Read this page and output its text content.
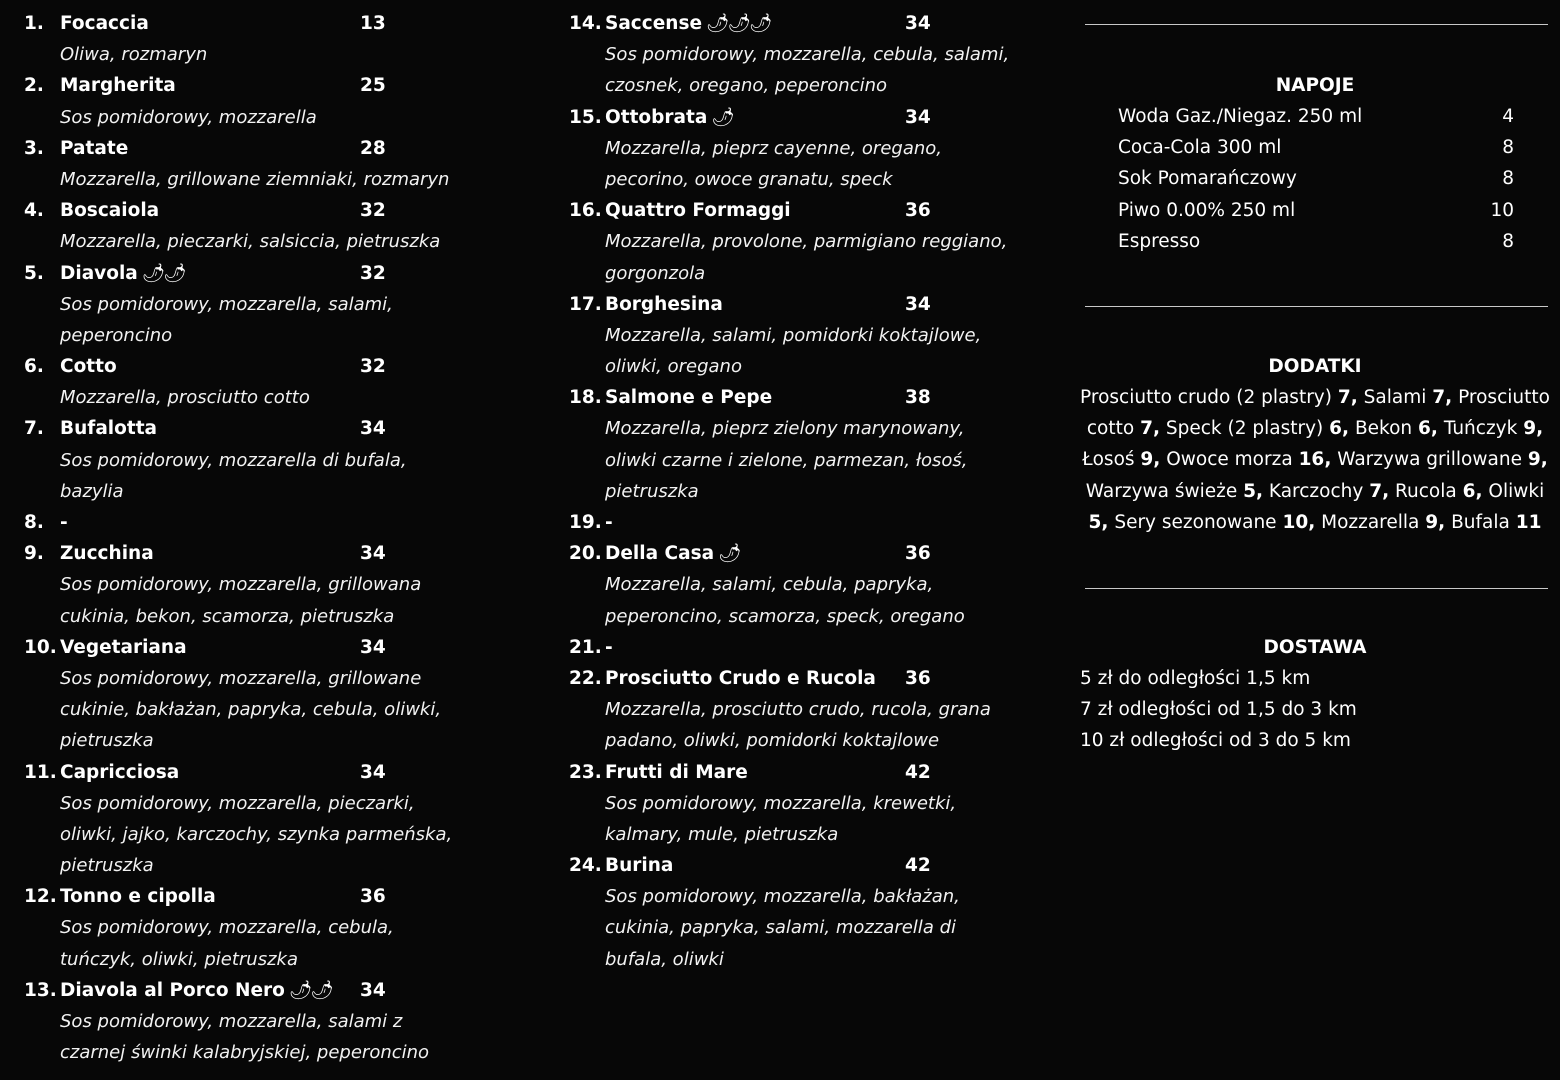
1. Focaccia	13
Oliwa, rozmaryn
2. Margherita	25
Sos pomidorowy, mozzarella
3. Patate	28
Mozzarella, grillowane ziemniaki, rozmaryn
4. Boscaiola	32
Mozzarella, pieczarki, salsiccia, pietruszka
5. Diavola 🌶🌶	32
Sos pomidorowy, mozzarella, salami,
peperoncino
6. Cotto	32
Mozzarella, prosciutto cotto
7. Bufalotta	34
Sos pomidorowy, mozzarella di bufala,
bazylia
8. -
9. Zucchina	34
Sos pomidorowy, mozzarella, grillowana
cukinia, bekon, scamorza, pietruszka
10. Vegetariana	34
Sos pomidorowy, mozzarella, grillowane
cukinie, bakłażan, papryka, cebula, oliwki,
pietruszka
11. Capricciosa	34
Sos pomidorowy, mozzarella, pieczarki,
oliwki, jajko, karczochy, szynka parmeńska,
pietruszka
12. Tonno e cipolla	36
Sos pomidorowy, mozzarella, cebula,
tuńczyk, oliwki, pietruszka
13. Diavola al Porco Nero 🌶🌶 34
Sos pomidorowy, mozzarella, salami z
czarnej świnki kalabryjskiej, peperoncino
14. Saccense 🌶🌶🌶	34
Sos pomidorowy, mozzarella, cebula, salami,
czosnek, oregano, peperoncino
15. Ottobrata 🌶	34
Mozzarella, pieprz cayenne, oregano,
pecorino, owoce granatu, speck
16. Quattro Formaggi	36
Mozzarella, provolone, parmigiano reggiano,
gorgonzola
17. Borghesina	34
Mozzarella, salami, pomidorki koktajlowe,
oliwki, oregano
18. Salmone e Pepe	38
Mozzarella, pieprz zielony marynowany,
oliwki czarne i zielone, parmezan, łosoś,
pietruszka
19. -
20. Della Casa 🌶	36
Mozzarella, salami, cebula, papryka,
peperoncino, scamorza, speck, oregano
21. -
22. Prosciutto Crudo e Rucola 36
Mozzarella, prosciutto crudo, rucola, grana
padano, oliwki, pomidorki koktajlowe
23. Frutti di Mare	42
Sos pomidorowy, mozzarella, krewetki,
kalmary, mule, pietruszka
24. Burina	42
Sos pomidorowy, mozzarella, bakłażan,
cukinia, papryka, salami, mozzarella di
bufala, oliwki
NAPOJE
Woda Gaz./Niegaz. 250 ml	4
Coca-Cola 300 ml	8
Sok Pomarańczowy	8
Piwo 0.00% 250 ml	10
Espresso	8
DODATKI
Prosciutto crudo (2 plastry) 7, Salami 7, Prosciutto cotto 7, Speck (2 plastry) 6, Bekon 6, Tuńczyk 9, Łosoś 9, Owoce morza 16, Warzywa grillowane 9, Warzywa świeże 5, Karczochy 7, Rucola 6, Oliwki 5, Sery sezonowane 10, Mozzarella 9, Bufala 11
DOSTAWA
5 zł do odległości 1,5 km
7 zł odległości od 1,5 do 3 km
10 zł odległości od 3 do 5 km
